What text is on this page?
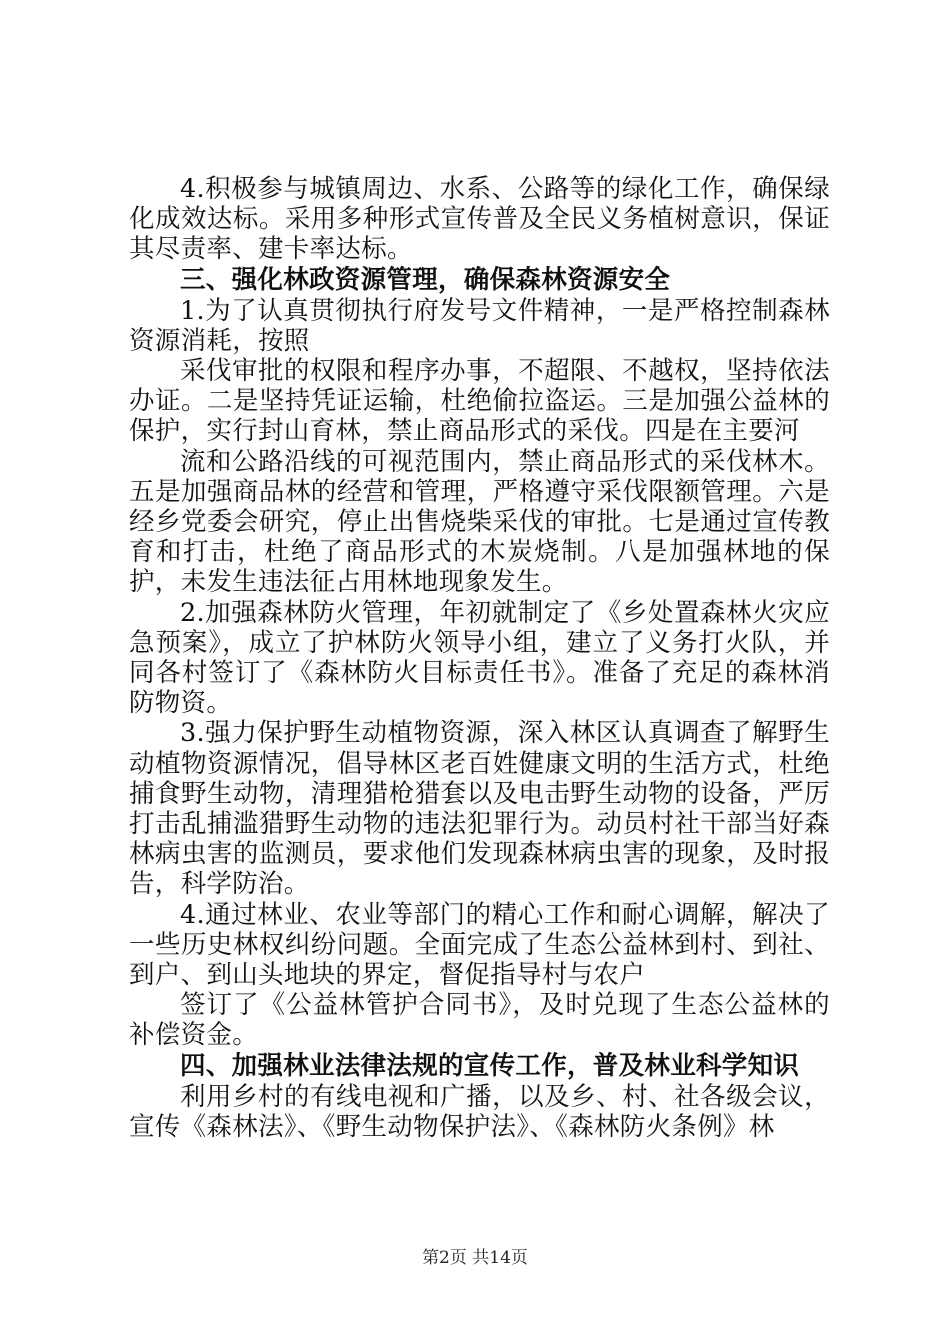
4.积极参与城镇周边、水系、公路等的绿化工作，确保绿化成效达标。采用多种形式宣传普及全民义务植树意识，保证其尽责率、建卡率达标。

三、强化林政资源管理，确保森林资源安全

1.为了认真贯彻执行府发号文件精神，一是严格控制森林资源消耗，按照

采伐审批的权限和程序办事，不超限、不越权，坚持依法办证。二是坚持凭证运输，杜绝偷拉盗运。三是加强公益林的保护，实行封山育林，禁止商品形式的采伐。四是在主要河

流和公路沿线的可视范围内，禁止商品形式的采伐林木。五是加强商品林的经营和管理，严格遵守采伐限额管理。六是经乡党委会研究，停止出售烧柴采伐的审批。七是通过宣传教育和打击，杜绝了商品形式的木炭烧制。八是加强林地的保护，未发生违法征占用林地现象发生。

2.加强森林防火管理，年初就制定了《乡处置森林火灾应急预案》，成立了护林防火领导小组，建立了义务打火队，并同各村签订了《森林防火目标责任书》。准备了充足的森林消防物资。

3.强力保护野生动植物资源，深入林区认真调查了解野生动植物资源情况，倡导林区老百姓健康文明的生活方式，杜绝捕食野生动物，清理猎枪猎套以及电击野生动物的设备，严厉打击乱捕滥猎野生动物的违法犯罪行为。动员村社干部当好森林病虫害的监测员，要求他们发现森林病虫害的现象，及时报告，科学防治。

4.通过林业、农业等部门的精心工作和耐心调解，解决了一些历史林权纠纷问题。全面完成了生态公益林到村、到社、到户、到山头地块的界定，督促指导村与农户

签订了《公益林管护合同书》，及时兑现了生态公益林的补偿资金。

四、加强林业法律法规的宣传工作，普及林业科学知识

利用乡村的有线电视和广播，以及乡、村、社各级会议，宣传《森林法》、《野生动物保护法》、《森林防火条例》林

第2页 共14页
